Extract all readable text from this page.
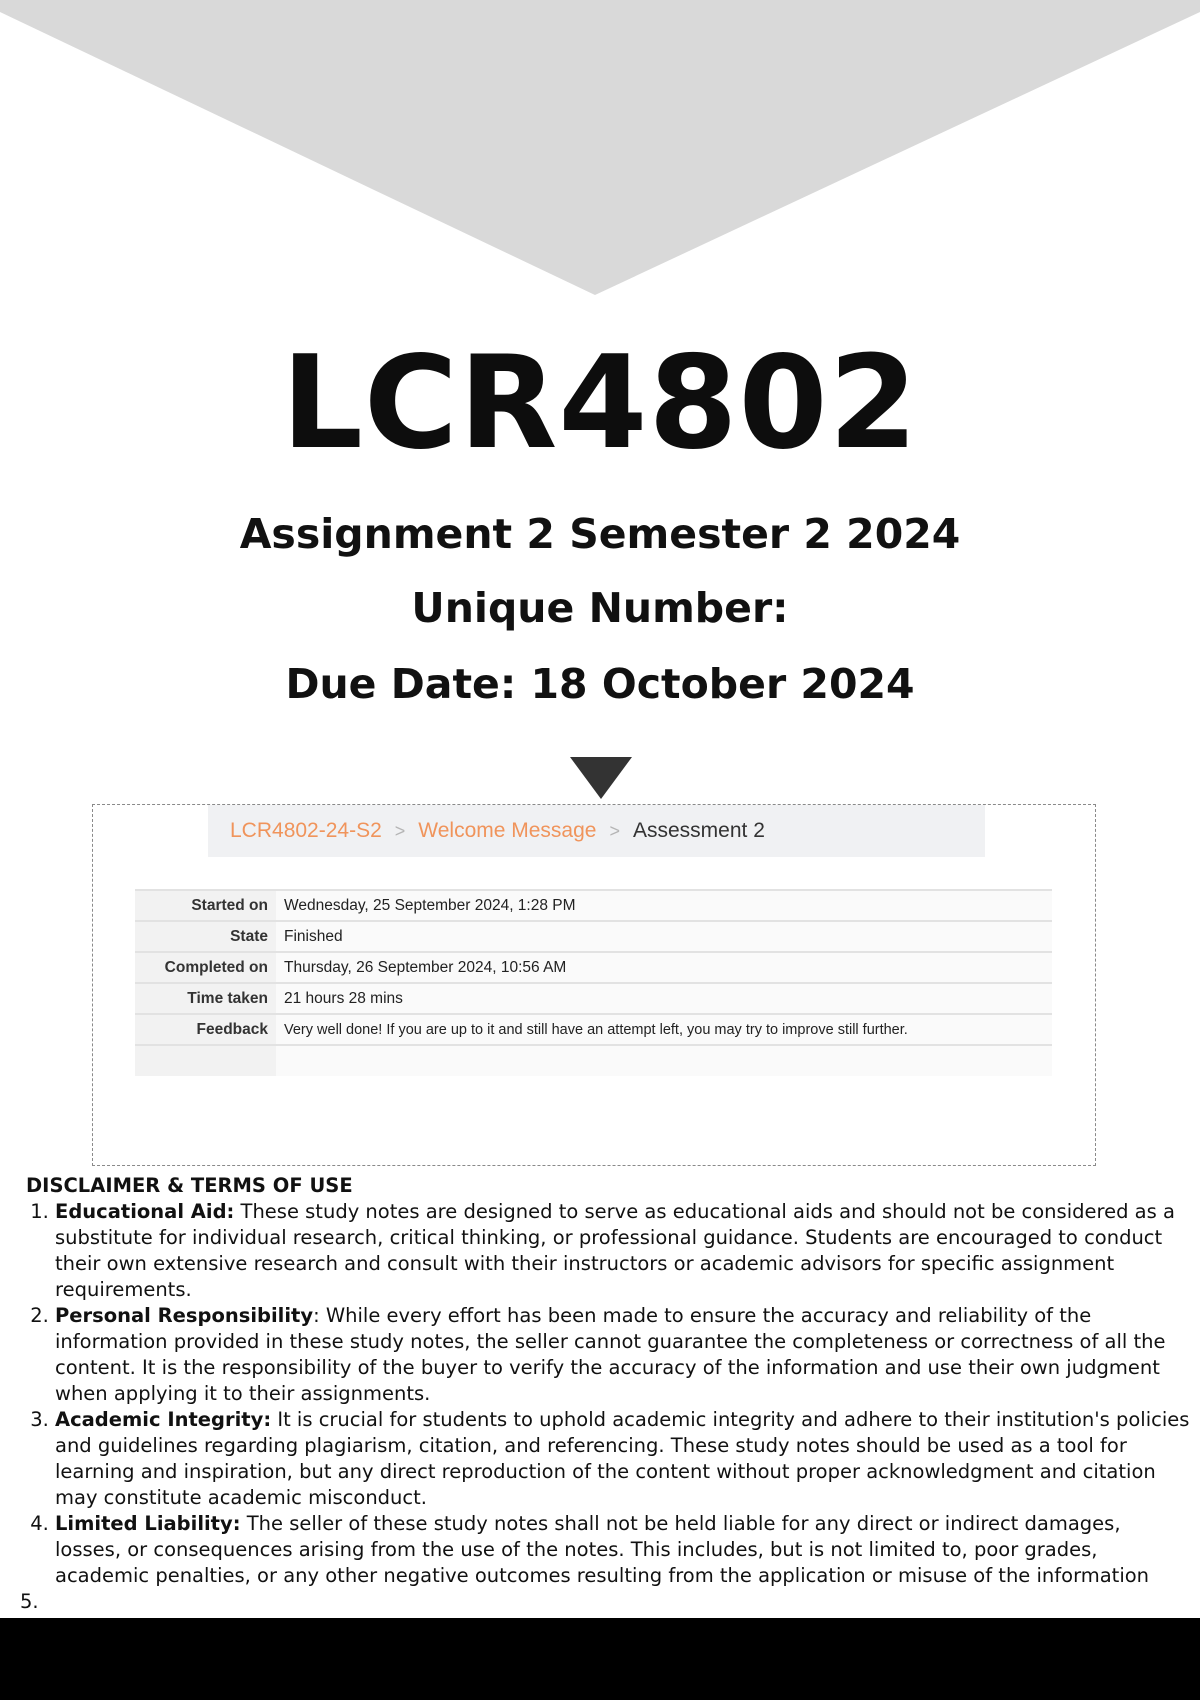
LCR4802
Assignment 2 Semester 2 2024
Unique Number:
Due Date: 18 October 2024
LCR4802-24-S2 > Welcome Message > Assessment 2
Started on	Wednesday, 25 September 2024, 1:28 PM
State	Finished
Completed on	Thursday, 26 September 2024, 10:56 AM
Time taken	21 hours 28 mins
Feedback	Very well done! If you are up to it and still have an attempt left, you may try to improve still further.

DISCLAIMER & TERMS OF USE
1. Educational Aid: These study notes are designed to serve as educational aids and should not be considered as a substitute for individual research, critical thinking, or professional guidance. Students are encouraged to conduct their own extensive research and consult with their instructors or academic advisors for specific assignment requirements.
2. Personal Responsibility: While every effort has been made to ensure the accuracy and reliability of the information provided in these study notes, the seller cannot guarantee the completeness or correctness of all the content. It is the responsibility of the buyer to verify the accuracy of the information and use their own judgment when applying it to their assignments.
3. Academic Integrity: It is crucial for students to uphold academic integrity and adhere to their institution's policies and guidelines regarding plagiarism, citation, and referencing. These study notes should be used as a tool for learning and inspiration, but any direct reproduction of the content without proper acknowledgment and citation may constitute academic misconduct.
4. Limited Liability: The seller of these study notes shall not be held liable for any direct or indirect damages, losses, or consequences arising from the use of the notes. This includes, but is not limited to, poor grades, academic penalties, or any other negative outcomes resulting from the application or misuse of the information
5.
